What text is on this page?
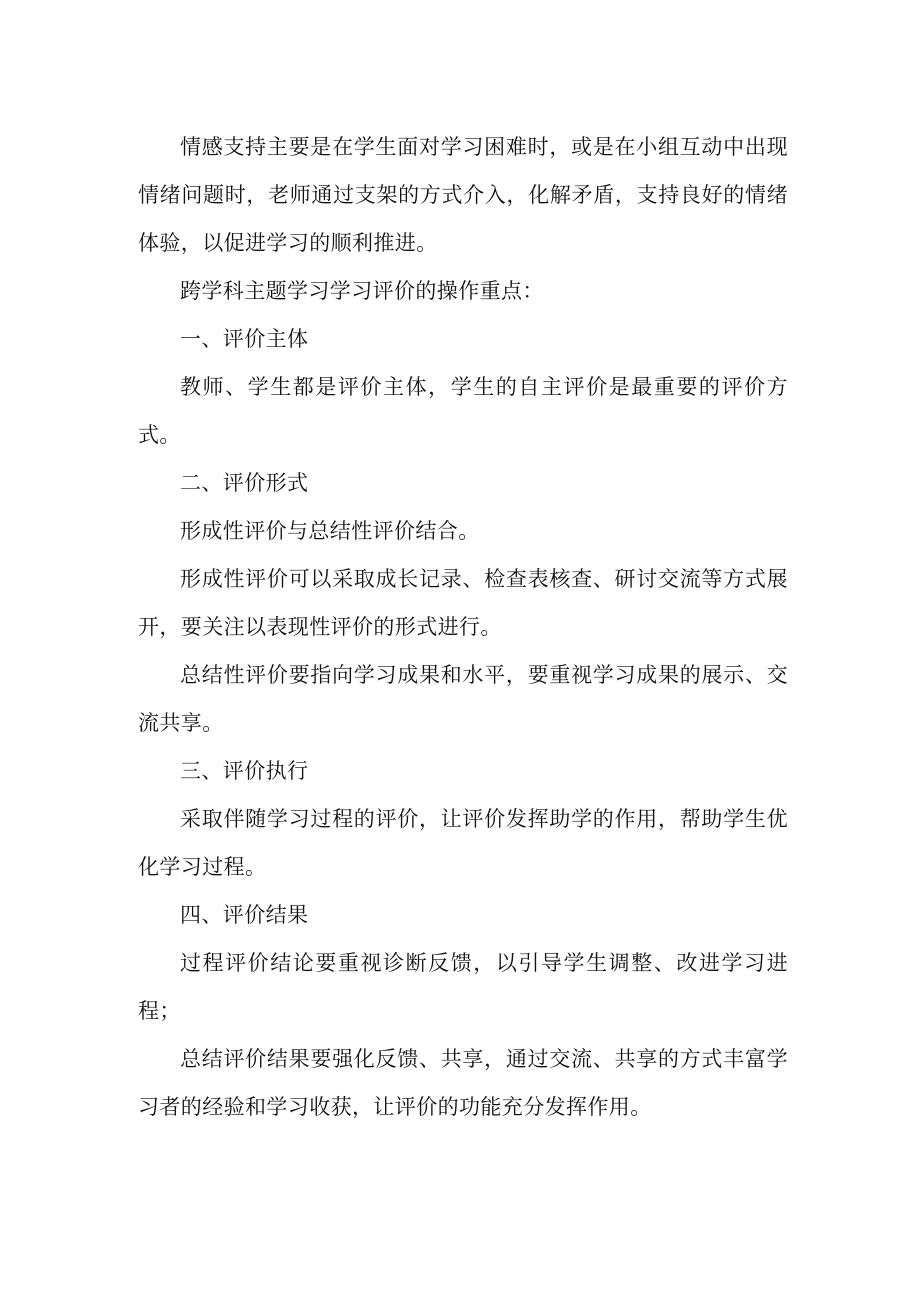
情感支持主要是在学生面对学习困难时，或是在小组互动中出现情绪问题时，老师通过支架的方式介入，化解矛盾，支持良好的情绪体验，以促进学习的顺利推进。

跨学科主题学习学习评价的操作重点：

一、评价主体

教师、学生都是评价主体，学生的自主评价是最重要的评价方式。

二、评价形式

形成性评价与总结性评价结合。

形成性评价可以采取成长记录、检查表核查、研讨交流等方式展开，要关注以表现性评价的形式进行。

总结性评价要指向学习成果和水平，要重视学习成果的展示、交流共享。

三、评价执行

采取伴随学习过程的评价，让评价发挥助学的作用，帮助学生优化学习过程。

四、评价结果

过程评价结论要重视诊断反馈，以引导学生调整、改进学习进程；

总结评价结果要强化反馈、共享，通过交流、共享的方式丰富学习者的经验和学习收获，让评价的功能充分发挥作用。
